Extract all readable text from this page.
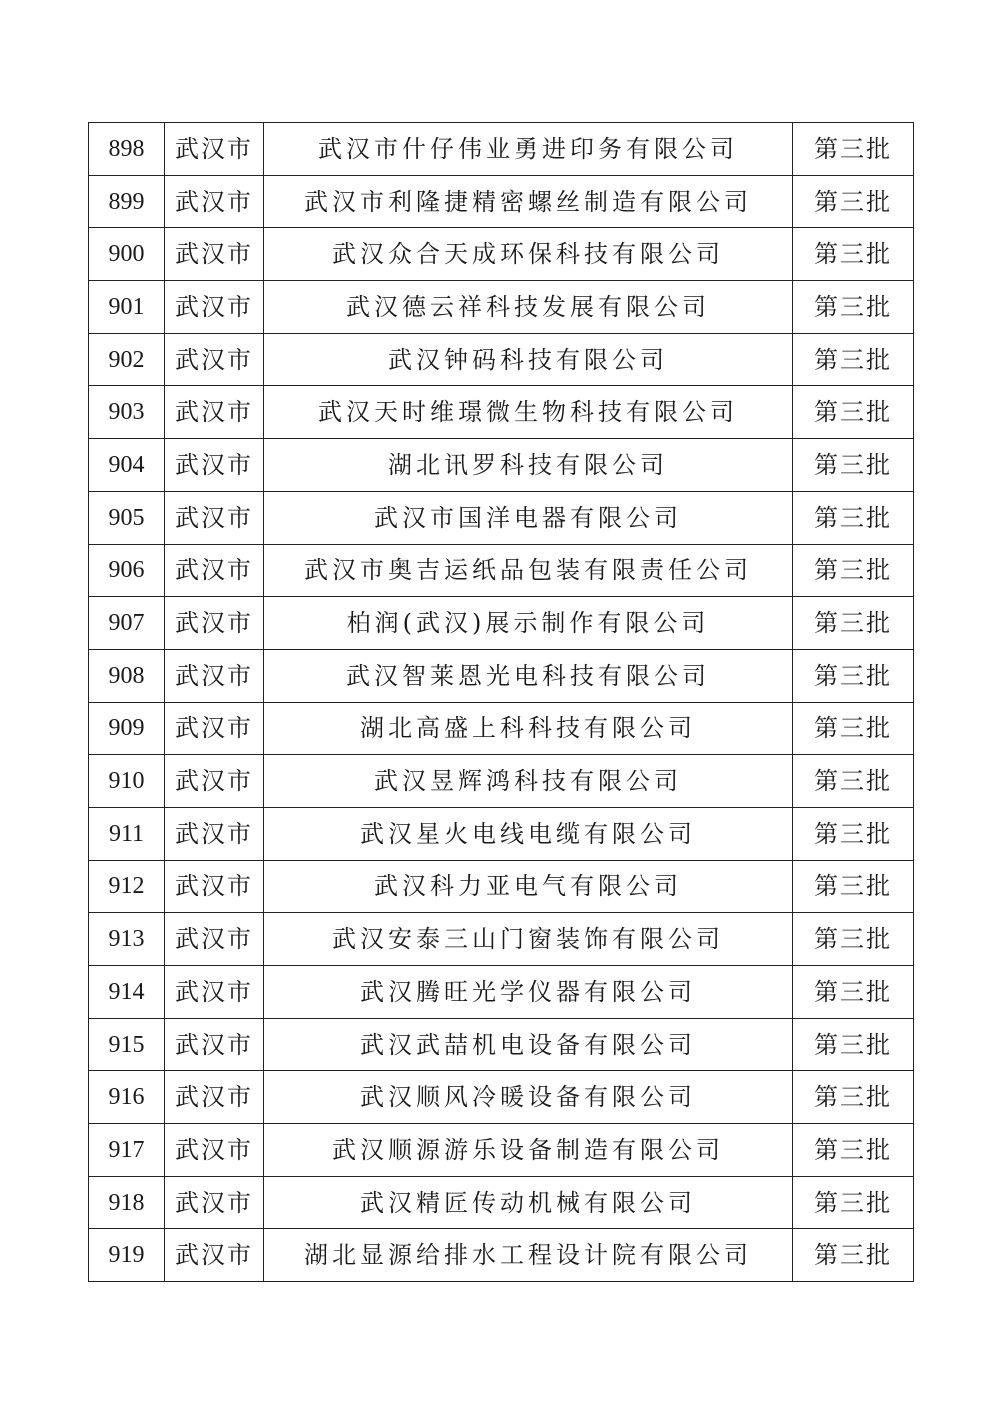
898	武汉市	武汉市什仔伟业勇进印务有限公司	第三批
899	武汉市	武汉市利隆捷精密螺丝制造有限公司	第三批
900	武汉市	武汉众合天成环保科技有限公司	第三批
901	武汉市	武汉德云祥科技发展有限公司	第三批
902	武汉市	武汉钟码科技有限公司	第三批
903	武汉市	武汉天时维璟微生物科技有限公司	第三批
904	武汉市	湖北讯罗科技有限公司	第三批
905	武汉市	武汉市国洋电器有限公司	第三批
906	武汉市	武汉市奥吉运纸品包装有限责任公司	第三批
907	武汉市	柏润(武汉)展示制作有限公司	第三批
908	武汉市	武汉智莱恩光电科技有限公司	第三批
909	武汉市	湖北高盛上科科技有限公司	第三批
910	武汉市	武汉昱辉鸿科技有限公司	第三批
911	武汉市	武汉星火电线电缆有限公司	第三批
912	武汉市	武汉科力亚电气有限公司	第三批
913	武汉市	武汉安泰三山门窗装饰有限公司	第三批
914	武汉市	武汉腾旺光学仪器有限公司	第三批
915	武汉市	武汉武喆机电设备有限公司	第三批
916	武汉市	武汉顺风冷暖设备有限公司	第三批
917	武汉市	武汉顺源游乐设备制造有限公司	第三批
918	武汉市	武汉精匠传动机械有限公司	第三批
919	武汉市	湖北显源给排水工程设计院有限公司	第三批
